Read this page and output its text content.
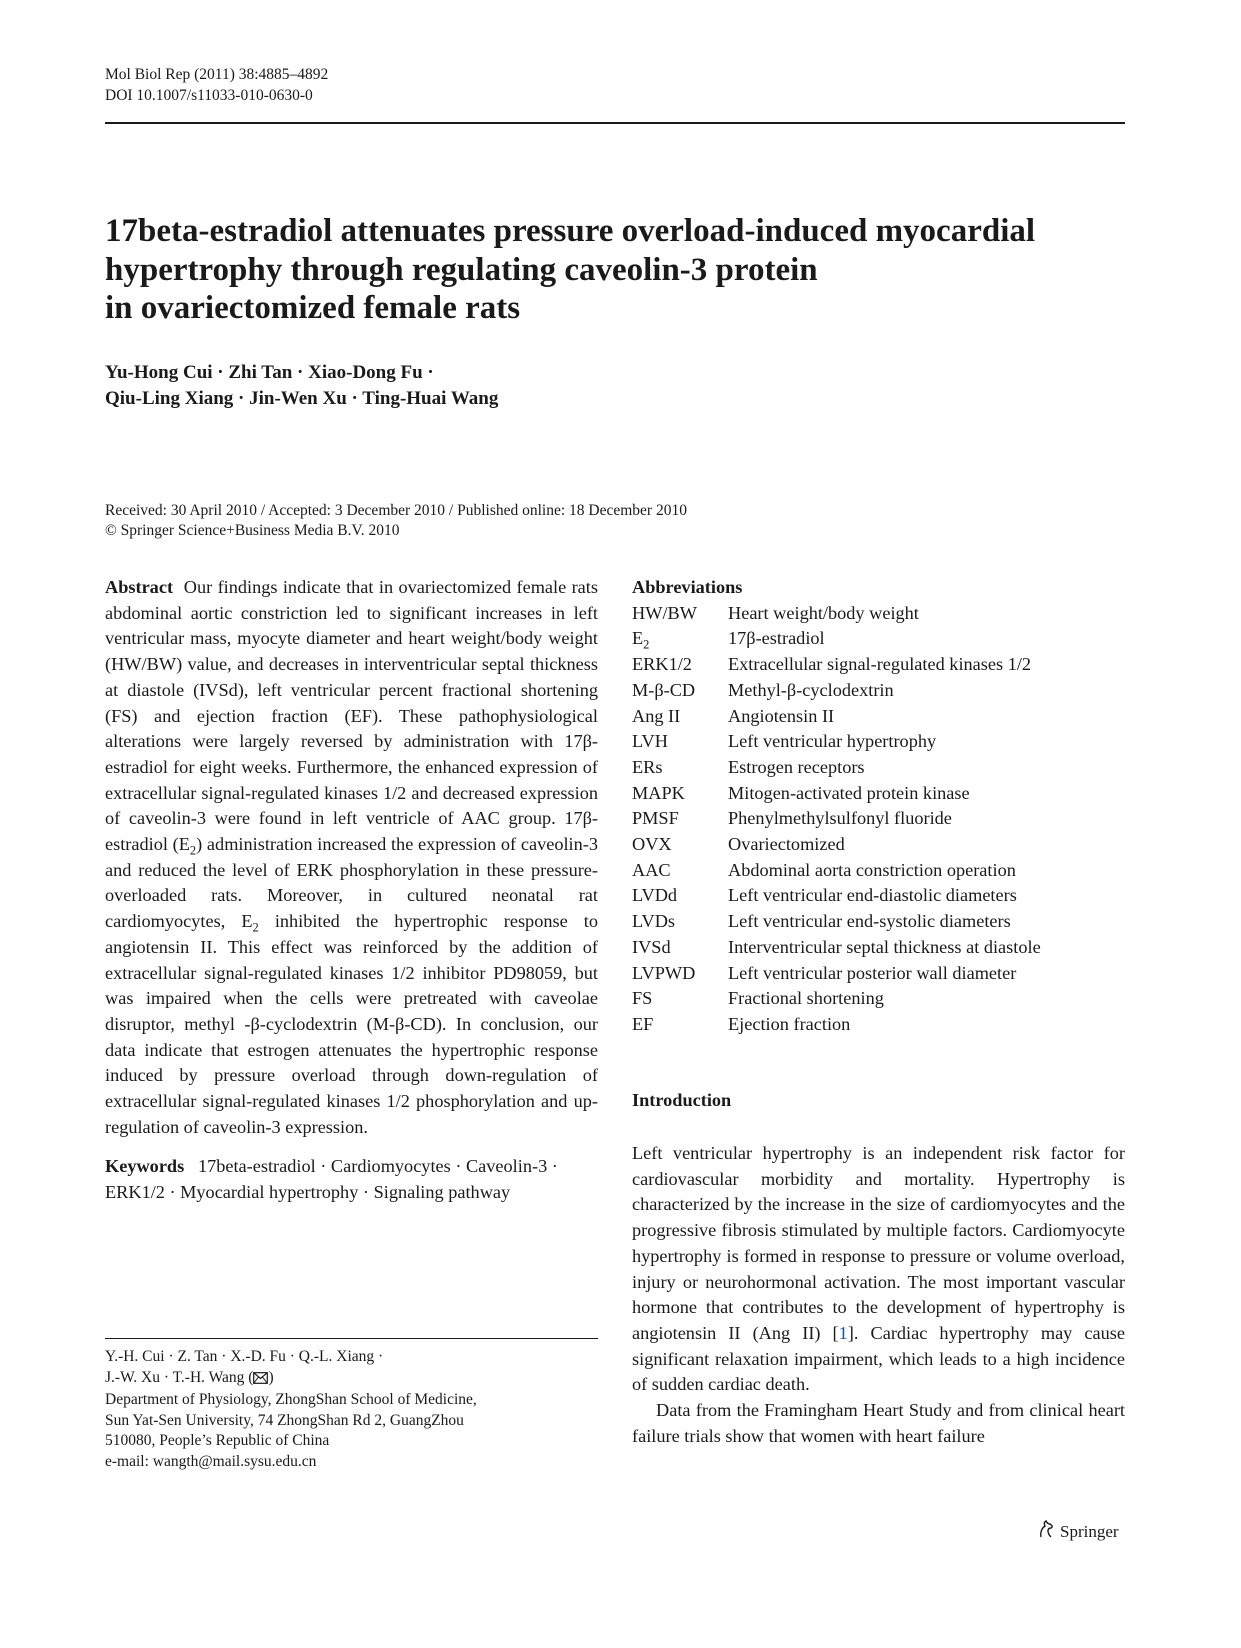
Mol Biol Rep (2011) 38:4885–4892
DOI 10.1007/s11033-010-0630-0
17beta-estradiol attenuates pressure overload-induced myocardial
hypertrophy through regulating caveolin-3 protein
in ovariectomized female rats
Yu-Hong Cui · Zhi Tan · Xiao-Dong Fu ·
Qiu-Ling Xiang · Jin-Wen Xu · Ting-Huai Wang
Received: 30 April 2010 / Accepted: 3 December 2010 / Published online: 18 December 2010
© Springer Science+Business Media B.V. 2010

Abstract Our findings indicate that in ovariectomized female rats abdominal aortic constriction led to significant increases in left ventricular mass, myocyte diameter and heart weight/body weight (HW/BW) value, and decreases in interventricular septal thickness at diastole (IVSd), left ventricular percent fractional shortening (FS) and ejection fraction (EF). These pathophysiological alterations were largely reversed by administration with 17β-estradiol for eight weeks. Furthermore, the enhanced expression of extracellular signal-regulated kinases 1/2 and decreased expression of caveolin-3 were found in left ventricle of AAC group. 17β-estradiol $(E_2)$ administration increased the expression of caveolin-3 and reduced the level of ERK phosphorylation in these pressure-overloaded rats. Moreover, in cultured neonatal rat cardiomyocytes, $E_2$ inhibited the hypertrophic response to angiotensin II. This effect was reinforced by the addition of extracellular signal-regulated kinases 1/2 inhibitor PD98059, but was impaired when the cells were pretreated with caveolae disruptor, methyl -β-cyclodextrin (M-β-CD). In conclusion, our data indicate that estrogen attenuates the hypertrophic response induced by pressure overload through down-regulation of extracellular signal-regulated kinases 1/2 phosphorylation and up-regulation of caveolin-3 expression.

Keywords 17beta-estradiol · Cardiomyocytes · Caveolin-3 · ERK1/2 · Myocardial hypertrophy · Signaling pathway
Y.-H. Cui · Z. Tan · X.-D. Fu · Q.-L. Xiang ·
J.-W. Xu · T.-H. Wang ( )
Department of Physiology, ZhongShan School of Medicine,
Sun Yat-Sen University, 74 ZhongShan Rd 2, GuangZhou
510080, People’s Republic of China
e-mail: wangth@mail.sysu.edu.cn
Abbreviations
HW/BW	Heart weight/body weight
$E_2$	17β-estradiol
ERK1/2	Extracellular signal-regulated kinases 1/2
M-β-CD	Methyl-β-cyclodextrin
Ang II	Angiotensin II
LVH	Left ventricular hypertrophy
ERs	Estrogen receptors
MAPK	Mitogen-activated protein kinase
PMSF	Phenylmethylsulfonyl fluoride
OVX	Ovariectomized
AAC	Abdominal aorta constriction operation
LVDd	Left ventricular end-diastolic diameters
LVDs	Left ventricular end-systolic diameters
IVSd	Interventricular septal thickness at diastole
LVPWD	Left ventricular posterior wall diameter
FS	Fractional shortening
EF	Ejection fraction
Introduction

Left ventricular hypertrophy is an independent risk factor for cardiovascular morbidity and mortality. Hypertrophy is characterized by the increase in the size of cardiomyocytes and the progressive fibrosis stimulated by multiple factors. Cardiomyocyte hypertrophy is formed in response to pressure or volume overload, injury or neurohormonal activation. The most important vascular hormone that contributes to the development of hypertrophy is angiotensin II (Ang II) [1]. Cardiac hypertrophy may cause significant relaxation impairment, which leads to a high incidence of sudden cardiac death.

Data from the Framingham Heart Study and from clinical heart failure trials show that women with heart failure

Springer
